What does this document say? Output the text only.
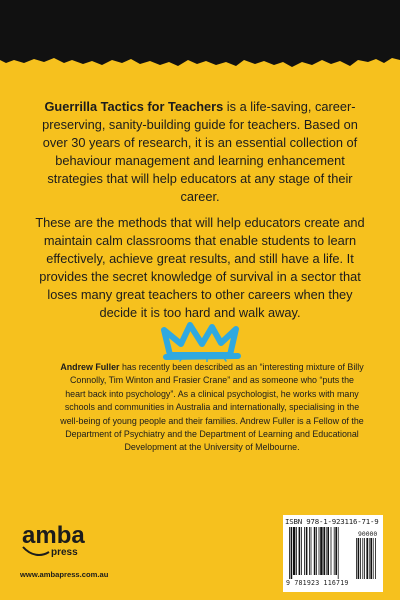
Guerrilla Tactics for Teachers is a life-saving, career-preserving, sanity-building guide for teachers. Based on over 30 years of research, it is an essential collection of behaviour management and learning enhancement strategies that will help educators at any stage of their career.

These are the methods that will help educators create and maintain calm classrooms that enable students to learn effectively, achieve great results, and still have a life. It provides the secret knowledge of survival in a sector that loses many great teachers to other careers when they decide it is too hard and walk away.

Andrew Fuller has recently been described as an “interesting mixture of Billy Connolly, Tim Winton and Frasier Crane” and as someone who “puts the heart back into psychology”. As a clinical psychologist, he works with many schools and communities in Australia and internationally, specialising in the well-being of young people and their families. Andrew Fuller is a Fellow of the Department of Psychiatry and the Department of Learning and Educational Development at the University of Melbourne.

amba
press
www.ambapress.com.au
ISBN 978-1-923116-71-9
90000
9 781923 116719
